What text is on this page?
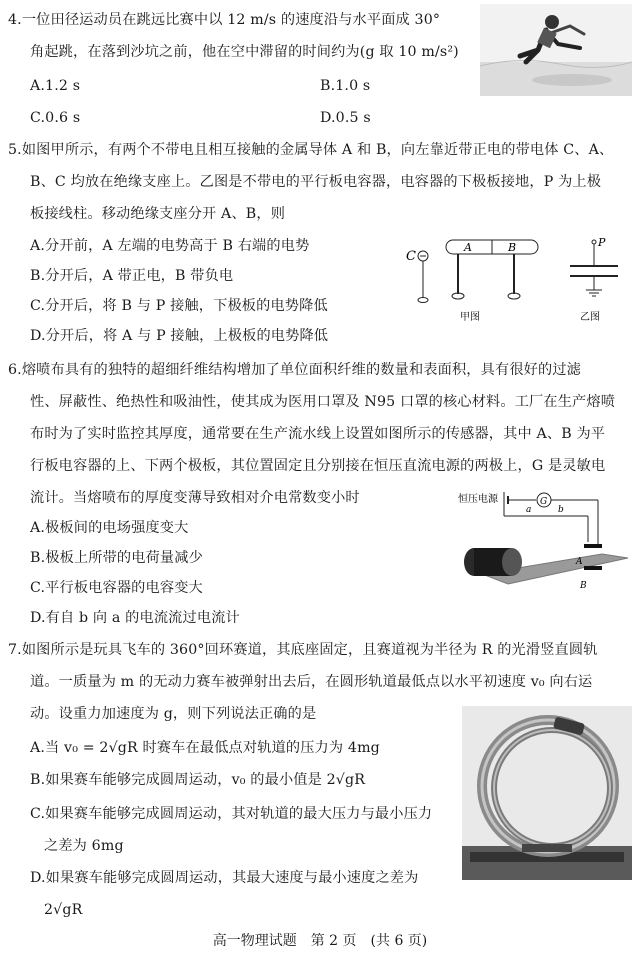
4.一位田径运动员在跳远比赛中以 12 m/s 的速度沿与水平面成 30°
角起跳，在落到沙坑之前，他在空中滞留的时间约为(g 取 10 m/s²)
A.1.2 s	B.1.0 s
C.0.6 s	D.0.5 s
5.如图甲所示，有两个不带电且相互接触的金属导体 A 和 B，向左靠近带正电的带电体 C、A、
B、C 均放在绝缘支座上。乙图是不带电的平行板电容器，电容器的下极板接地，P 为上极
板接线柱。移动绝缘支座分开 A、B，则
A.分开前，A 左端的电势高于 B 右端的电势
B.分开后，A 带正电，B 带负电
C.分开后，将 B 与 P 接触，下极板的电势降低
D.分开后，将 A 与 P 接触，上极板的电势降低
C
A	B
甲图
P
乙图
6.熔喷布具有的独特的超细纤维结构增加了单位面积纤维的数量和表面积，具有很好的过滤
性、屏蔽性、绝热性和吸油性，使其成为医用口罩及 N95 口罩的核心材料。工厂在生产熔喷
布时为了实时监控其厚度，通常要在生产流水线上设置如图所示的传感器，其中 A、B 为平
行板电容器的上、下两个极板，其位置固定且分别接在恒压直流电源的两极上，G 是灵敏电
流计。当熔喷布的厚度变薄导致相对介电常数变小时
A.极板间的电场强度变大
B.极板上所带的电荷量减少
C.平行板电容器的电容变大
D.有自 b 向 a 的电流流过电流计
恒压电源	G
a	b
A
B
7.如图所示是玩具飞车的 360°回环赛道，其底座固定，且赛道视为半径为 R 的光滑竖直圆轨
道。一质量为 m 的无动力赛车被弹射出去后，在圆形轨道最低点以水平初速度 v₀ 向右运
动。设重力加速度为 g，则下列说法正确的是
A.当 v₀ = 2√gR 时赛车在最低点对轨道的压力为 4mg
B.如果赛车能够完成圆周运动，v₀ 的最小值是 2√gR
C.如果赛车能够完成圆周运动，其对轨道的最大压力与最小压力
之差为 6mg
D.如果赛车能够完成圆周运动，其最大速度与最小速度之差为
2√gR
高一物理试题　第 2 页　(共 6 页)
